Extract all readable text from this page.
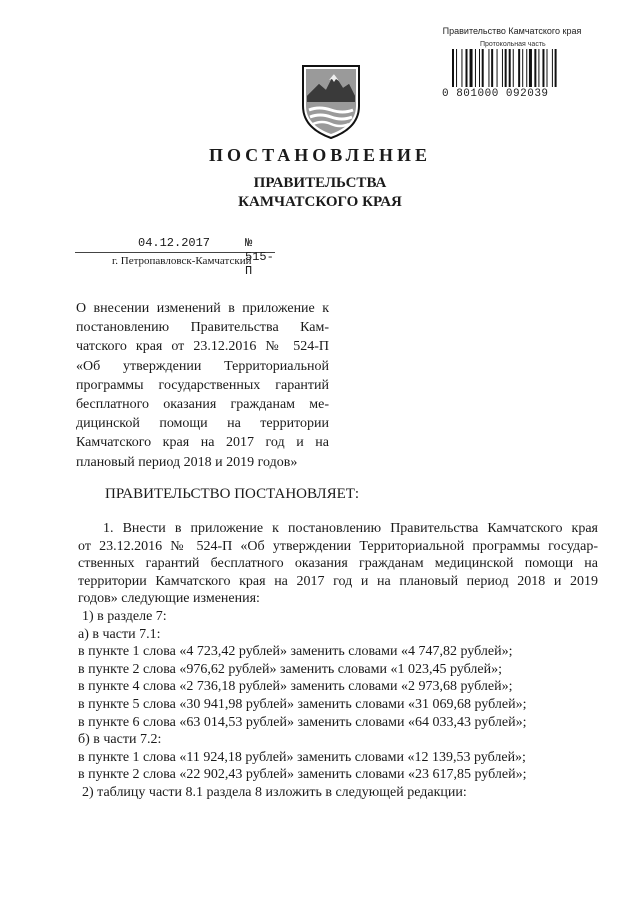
Правительство Камчатского края
Протокольная часть
0 801000 092039
ПОСТАНОВЛЕНИЕ
ПРАВИТЕЛЬСТВА
КАМЧАТСКОГО КРАЯ
04.12.2017	№ 515-П
г. Петропавловск-Камчатский
О внесении изменений в приложение к
постановлению Правительства Кам-
чатского края от 23.12.2016 № 524-П
«Об утверждении Территориальной
программы государственных гарантий
бесплатного оказания гражданам ме-
дицинской помощи на территории
Камчатского края на 2017 год и на
плановый период 2018 и 2019 годов»
ПРАВИТЕЛЬСТВО ПОСТАНОВЛЯЕТ:
1. Внести в приложение к постановлению Правительства Камчатского края
от 23.12.2016 № 524-П «Об утверждении Территориальной программы государ-
ственных гарантий бесплатного оказания гражданам медицинской помощи на
территории Камчатского края на 2017 год и на плановый период 2018 и 2019
годов» следующие изменения:
1) в разделе 7:
а) в части 7.1:
в пункте 1 слова «4 723,42 рублей» заменить словами «4 747,82 рублей»;
в пункте 2 слова «976,62 рублей» заменить словами «1 023,45 рублей»;
в пункте 4 слова «2 736,18 рублей» заменить словами «2 973,68 рублей»;
в пункте 5 слова «30 941,98 рублей» заменить словами «31 069,68 рублей»;
в пункте 6 слова «63 014,53 рублей» заменить словами «64 033,43 рублей»;
б) в части 7.2:
в пункте 1 слова «11 924,18 рублей» заменить словами «12 139,53 рублей»;
в пункте 2 слова «22 902,43 рублей» заменить словами «23 617,85 рублей»;
2) таблицу части 8.1 раздела 8 изложить в следующей редакции:
